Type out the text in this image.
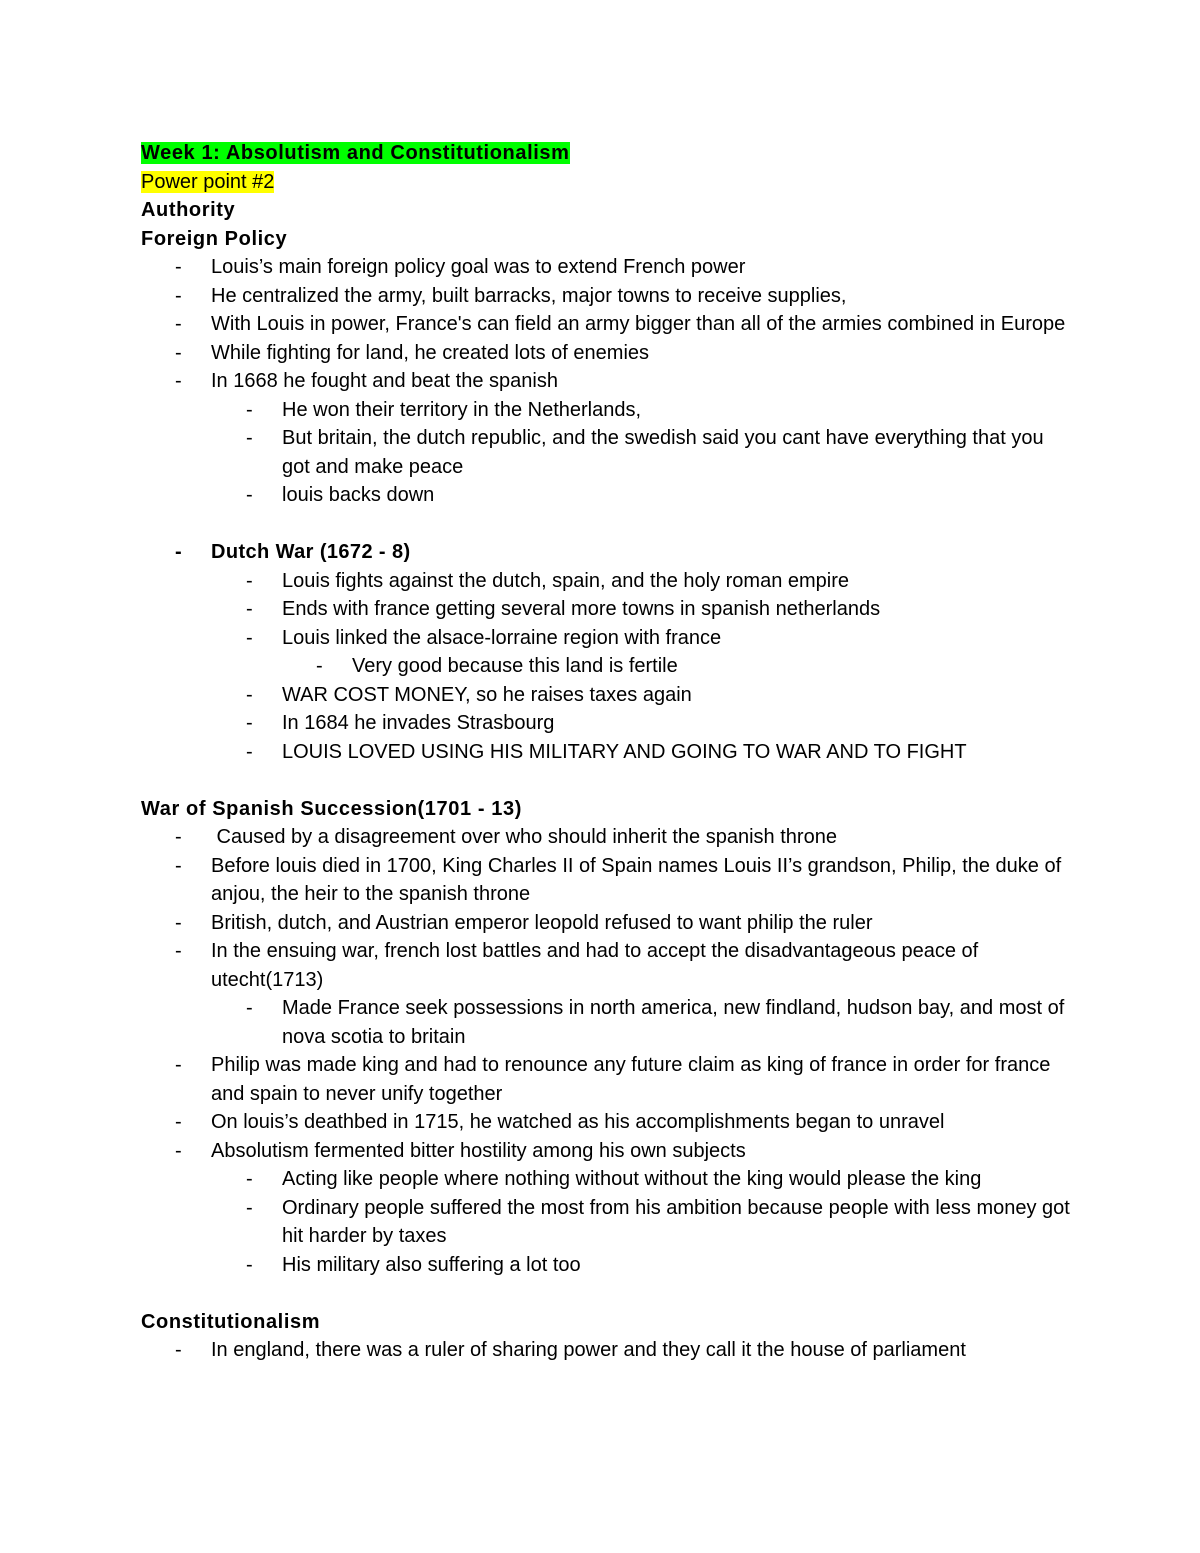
Week 1: Absolutism and Constitutionalism
Power point #2
Authority
Foreign Policy
-	Louis’s main foreign policy goal was to extend French power
-	He centralized the army, built barracks, major towns to receive supplies,
-	With Louis in power, France's can field an army bigger than all of the armies combined in Europe
-	While fighting for land, he created lots of enemies
-	In 1668 he fought and beat the spanish
-	He won their territory in the Netherlands,
-	But britain, the dutch republic, and the swedish said you cant have everything that you got and make peace
-	louis backs down
-	Dutch War (1672 - 8)
-	Louis fights against the dutch, spain, and the holy roman empire
-	Ends with france getting several more towns in spanish netherlands
-	Louis linked the alsace-lorraine region with france
-	Very good because this land is fertile
-	WAR COST MONEY, so he raises taxes again
-	In 1684 he invades Strasbourg
-	LOUIS LOVED USING HIS MILITARY AND GOING TO WAR AND TO FIGHT
War of Spanish Succession(1701 - 13)
-	Caused by a disagreement over who should inherit the spanish throne
-	Before louis died in 1700, King Charles II of Spain names Louis II’s grandson, Philip, the duke of anjou, the heir to the spanish throne
-	British, dutch, and Austrian emperor leopold refused to want philip the ruler
-	In the ensuing war, french lost battles and had to accept the disadvantageous peace of utecht(1713)
-	Made France seek possessions in north america, new findland, hudson bay, and most of nova scotia to britain
-	Philip was made king and had to renounce any future claim as king of france in order for france and spain to never unify together
-	On louis’s deathbed in 1715, he watched as his accomplishments began to unravel
-	Absolutism fermented bitter hostility among his own subjects
-	Acting like people where nothing without without the king would please the king
-	Ordinary people suffered the most from his ambition because people with less money got hit harder by taxes
-	His military also suffering a lot too
Constitutionalism
-	In england, there was a ruler of sharing power and they call it the house of parliament
